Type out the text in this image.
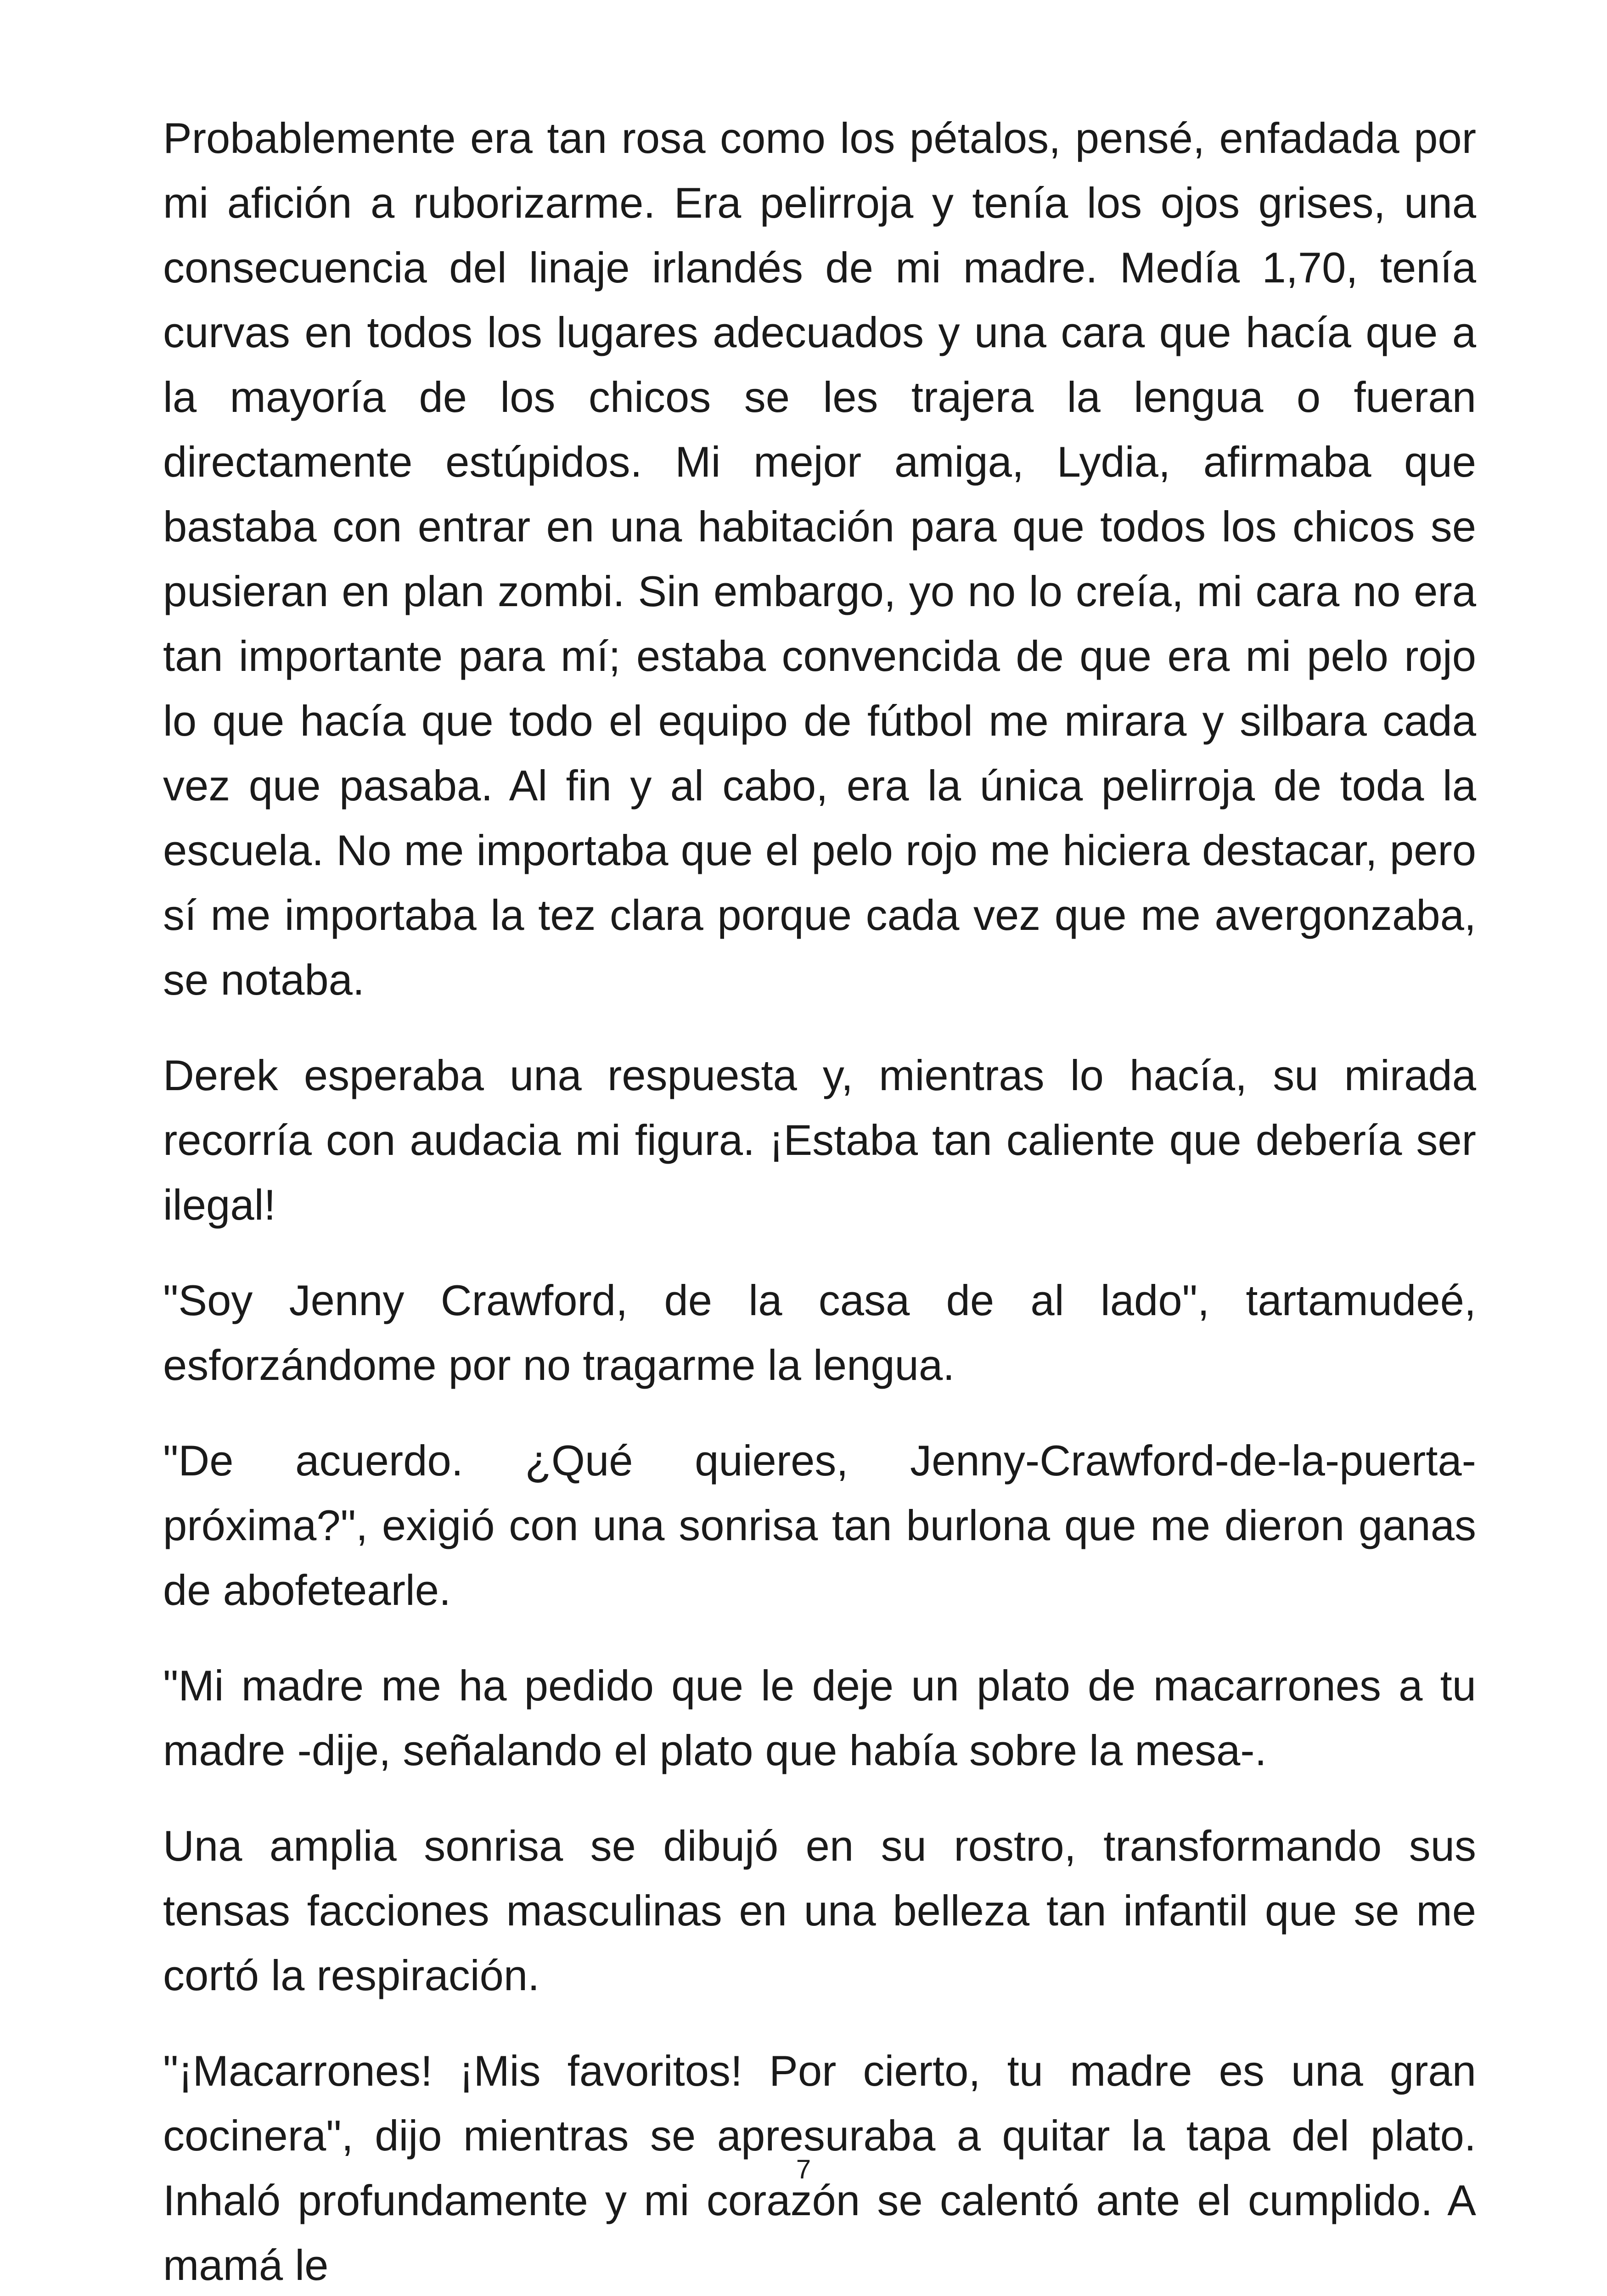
Probablemente era tan rosa como los pétalos, pensé, enfadada por mi afición a ruborizarme. Era pelirroja y tenía los ojos grises, una consecuencia del linaje irlandés de mi madre. Medía 1,70, tenía curvas en todos los lugares adecuados y una cara que hacía que a la mayoría de los chicos se les trajera la lengua o fueran directamente estúpidos. Mi mejor amiga, Lydia, afirmaba que bastaba con entrar en una habitación para que todos los chicos se pusieran en plan zombi. Sin embargo, yo no lo creía, mi cara no era tan importante para mí; estaba convencida de que era mi pelo rojo lo que hacía que todo el equipo de fútbol me mirara y silbara cada vez que pasaba. Al fin y al cabo, era la única pelirroja de toda la escuela. No me importaba que el pelo rojo me hiciera destacar, pero sí me importaba la tez clara porque cada vez que me avergonzaba, se notaba.

Derek esperaba una respuesta y, mientras lo hacía, su mirada recorría con audacia mi figura. ¡Estaba tan caliente que debería ser ilegal!

"Soy Jenny Crawford, de la casa de al lado", tartamudeé, esforzándome por no tragarme la lengua.

"De acuerdo. ¿Qué quieres, Jenny-Crawford-de-la-puerta-próxima?", exigió con una sonrisa tan burlona que me dieron ganas de abofetearle.

"Mi madre me ha pedido que le deje un plato de macarrones a tu madre -dije, señalando el plato que había sobre la mesa-.

Una amplia sonrisa se dibujó en su rostro, transformando sus tensas facciones masculinas en una belleza tan infantil que se me cortó la respiración.

"¡Macarrones! ¡Mis favoritos! Por cierto, tu madre es una gran cocinera", dijo mientras se apresuraba a quitar la tapa del plato. Inhaló profundamente y mi corazón se calentó ante el cumplido. A mamá le

7
